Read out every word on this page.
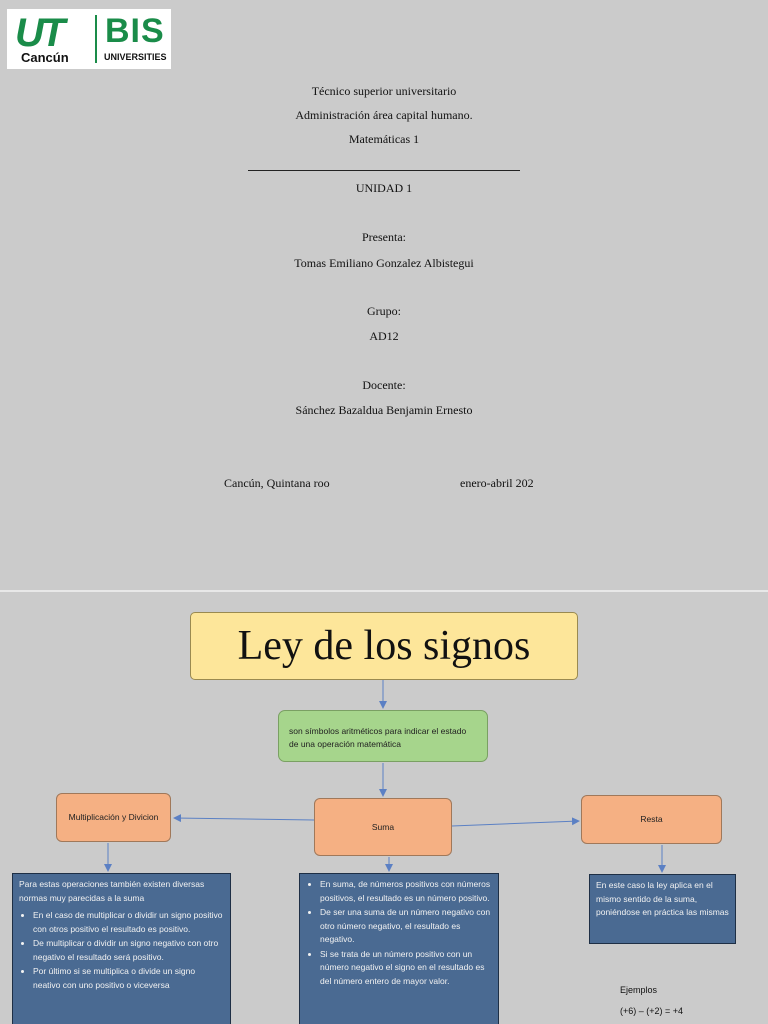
UT
Cancún
BIS
UNIVERSITIES
Técnico superior universitario
Administración área capital humano.
Matemáticas 1
UNIDAD 1
Presenta:
Tomas Emiliano Gonzalez Albistegui
Grupo:
AD12
Docente:
Sánchez Bazaldua Benjamin Ernesto
Cancún, Quintana roo	enero-abril 202
Ley de los signos
son símbolos aritméticos para indicar el estado de una operación matemática
Multiplicación y Divicion
Suma
Resta
Para estas operaciones también existen diversas normas muy parecidas a la suma
• En el caso de multiplicar o dividir un signo positivo con otros positivo el resultado es positivo.
• De multiplicar o dividir un signo negativo con otro negativo el resultado será positivo.
• Por último si se multiplica o divide un signo neativo con uno positivo o viceversa
• En suma, de números positivos con números positivos, el resultado es un número positivo.
• De ser una suma de un número negativo con otro número negativo, el resultado es negativo.
• Si se trata de un número positivo con un número negativo el signo en el resultado es del número entero de mayor valor.
En este caso la ley aplica en el mismo sentido de la suma, poniéndose en práctica las mismas
Ejemplos
(+6) – (+2) = +4
